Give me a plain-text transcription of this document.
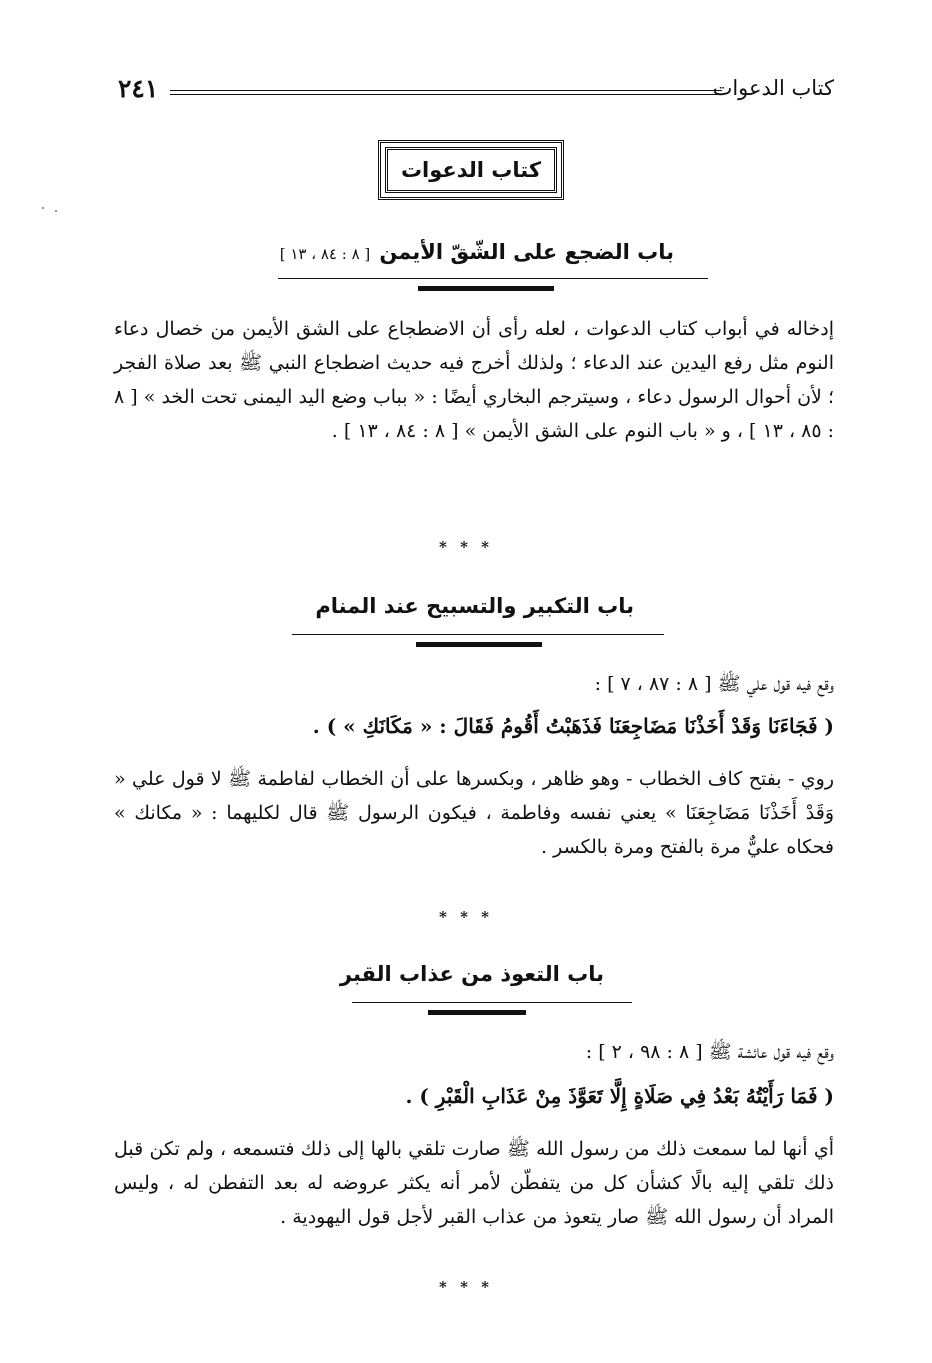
كتاب الدعوات
٢٤١
كتاب الدعوات
باب الضجع على الشّقّ الأيمن [ ٨ : ٨٤ ، ١٣ ]
إدخاله في أبواب كتاب الدعوات ، لعله رأى أن الاضطجاع على الشق الأيمن من خصال دعاء النوم مثل رفع اليدين عند الدعاء ؛ ولذلك أخرج فيه حديث اضطجاع النبي ﷺ بعد صلاة الفجر ؛ لأن أحوال الرسول دعاء ، وسيترجم البخاري أيضًا : « بباب وضع اليد اليمنى تحت الخد » [ ٨ : ٨٥ ، ١٣ ] ، و « باب النوم على الشق الأيمن » [ ٨ : ٨٤ ، ١٣ ] .
* * *
باب التكبير والتسبيح عند المنام
وقع فيه قول علي ﷺ [ ٨ : ٨٧ ، ٧ ] :
( فَجَاءَنَا وَقَدْ أَخَذْنَا مَضَاجِعَنَا فَذَهَبْتُ أَقُومُ فَقَالَ : « مَكَانَكِ » ) .
روي - بفتح كاف الخطاب - وهو ظاهر ، وبكسرها على أن الخطاب لفاطمة ﷺ لا قول علي « وَقَدْ أَخَذْنَا مَضَاجِعَنَا » يعني نفسه وفاطمة ، فيكون الرسول ﷺ قال لكليهما : « مكانك » فحكاه عليٌّ مرة بالفتح ومرة بالكسر .
* * *
باب التعوذ من عذاب القبر
وقع فيه قول عائشة ﷺ [ ٨ : ٩٨ ، ٢ ] :
( فَمَا رَأَيْتُهُ بَعْدُ فِي صَلَاةٍ إِلَّا تَعَوَّذَ مِنْ عَذَابِ الْقَبْرِ ) .
أي أنها لما سمعت ذلك من رسول الله ﷺ صارت تلقي بالها إلى ذلك فتسمعه ، ولم تكن قبل ذلك تلقي إليه بالًا كشأن كل من يتفطّن لأمر أنه يكثر عروضه له بعد التفطن له ، وليس المراد أن رسول الله ﷺ صار يتعوذ من عذاب القبر لأجل قول اليهودية .
* * *
